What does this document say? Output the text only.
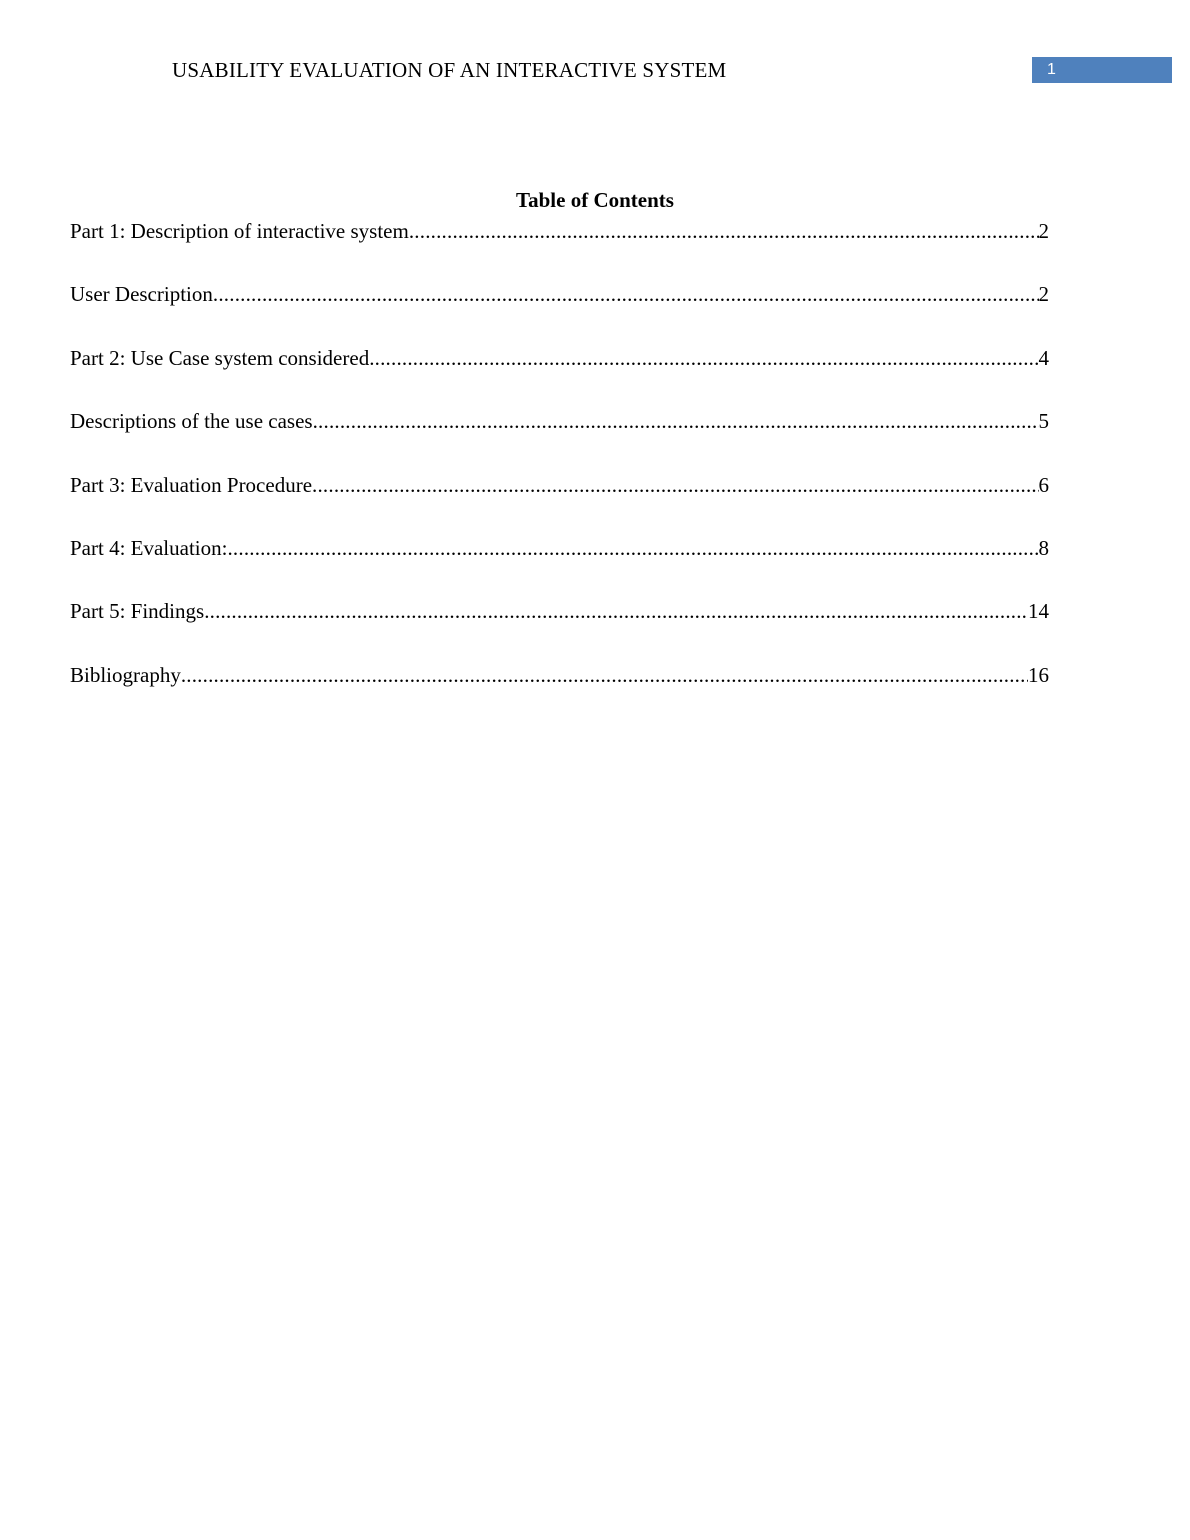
USABILITY EVALUATION OF AN INTERACTIVE SYSTEM	1
Table of Contents
Part 1: Description of interactive system .....	2
User Description .....	2
Part 2: Use Case system considered .....	4
Descriptions of the use cases .....	5
Part 3: Evaluation Procedure .....	6
Part 4: Evaluation: .....	8
Part 5: Findings .....	14
Bibliography .....	16
